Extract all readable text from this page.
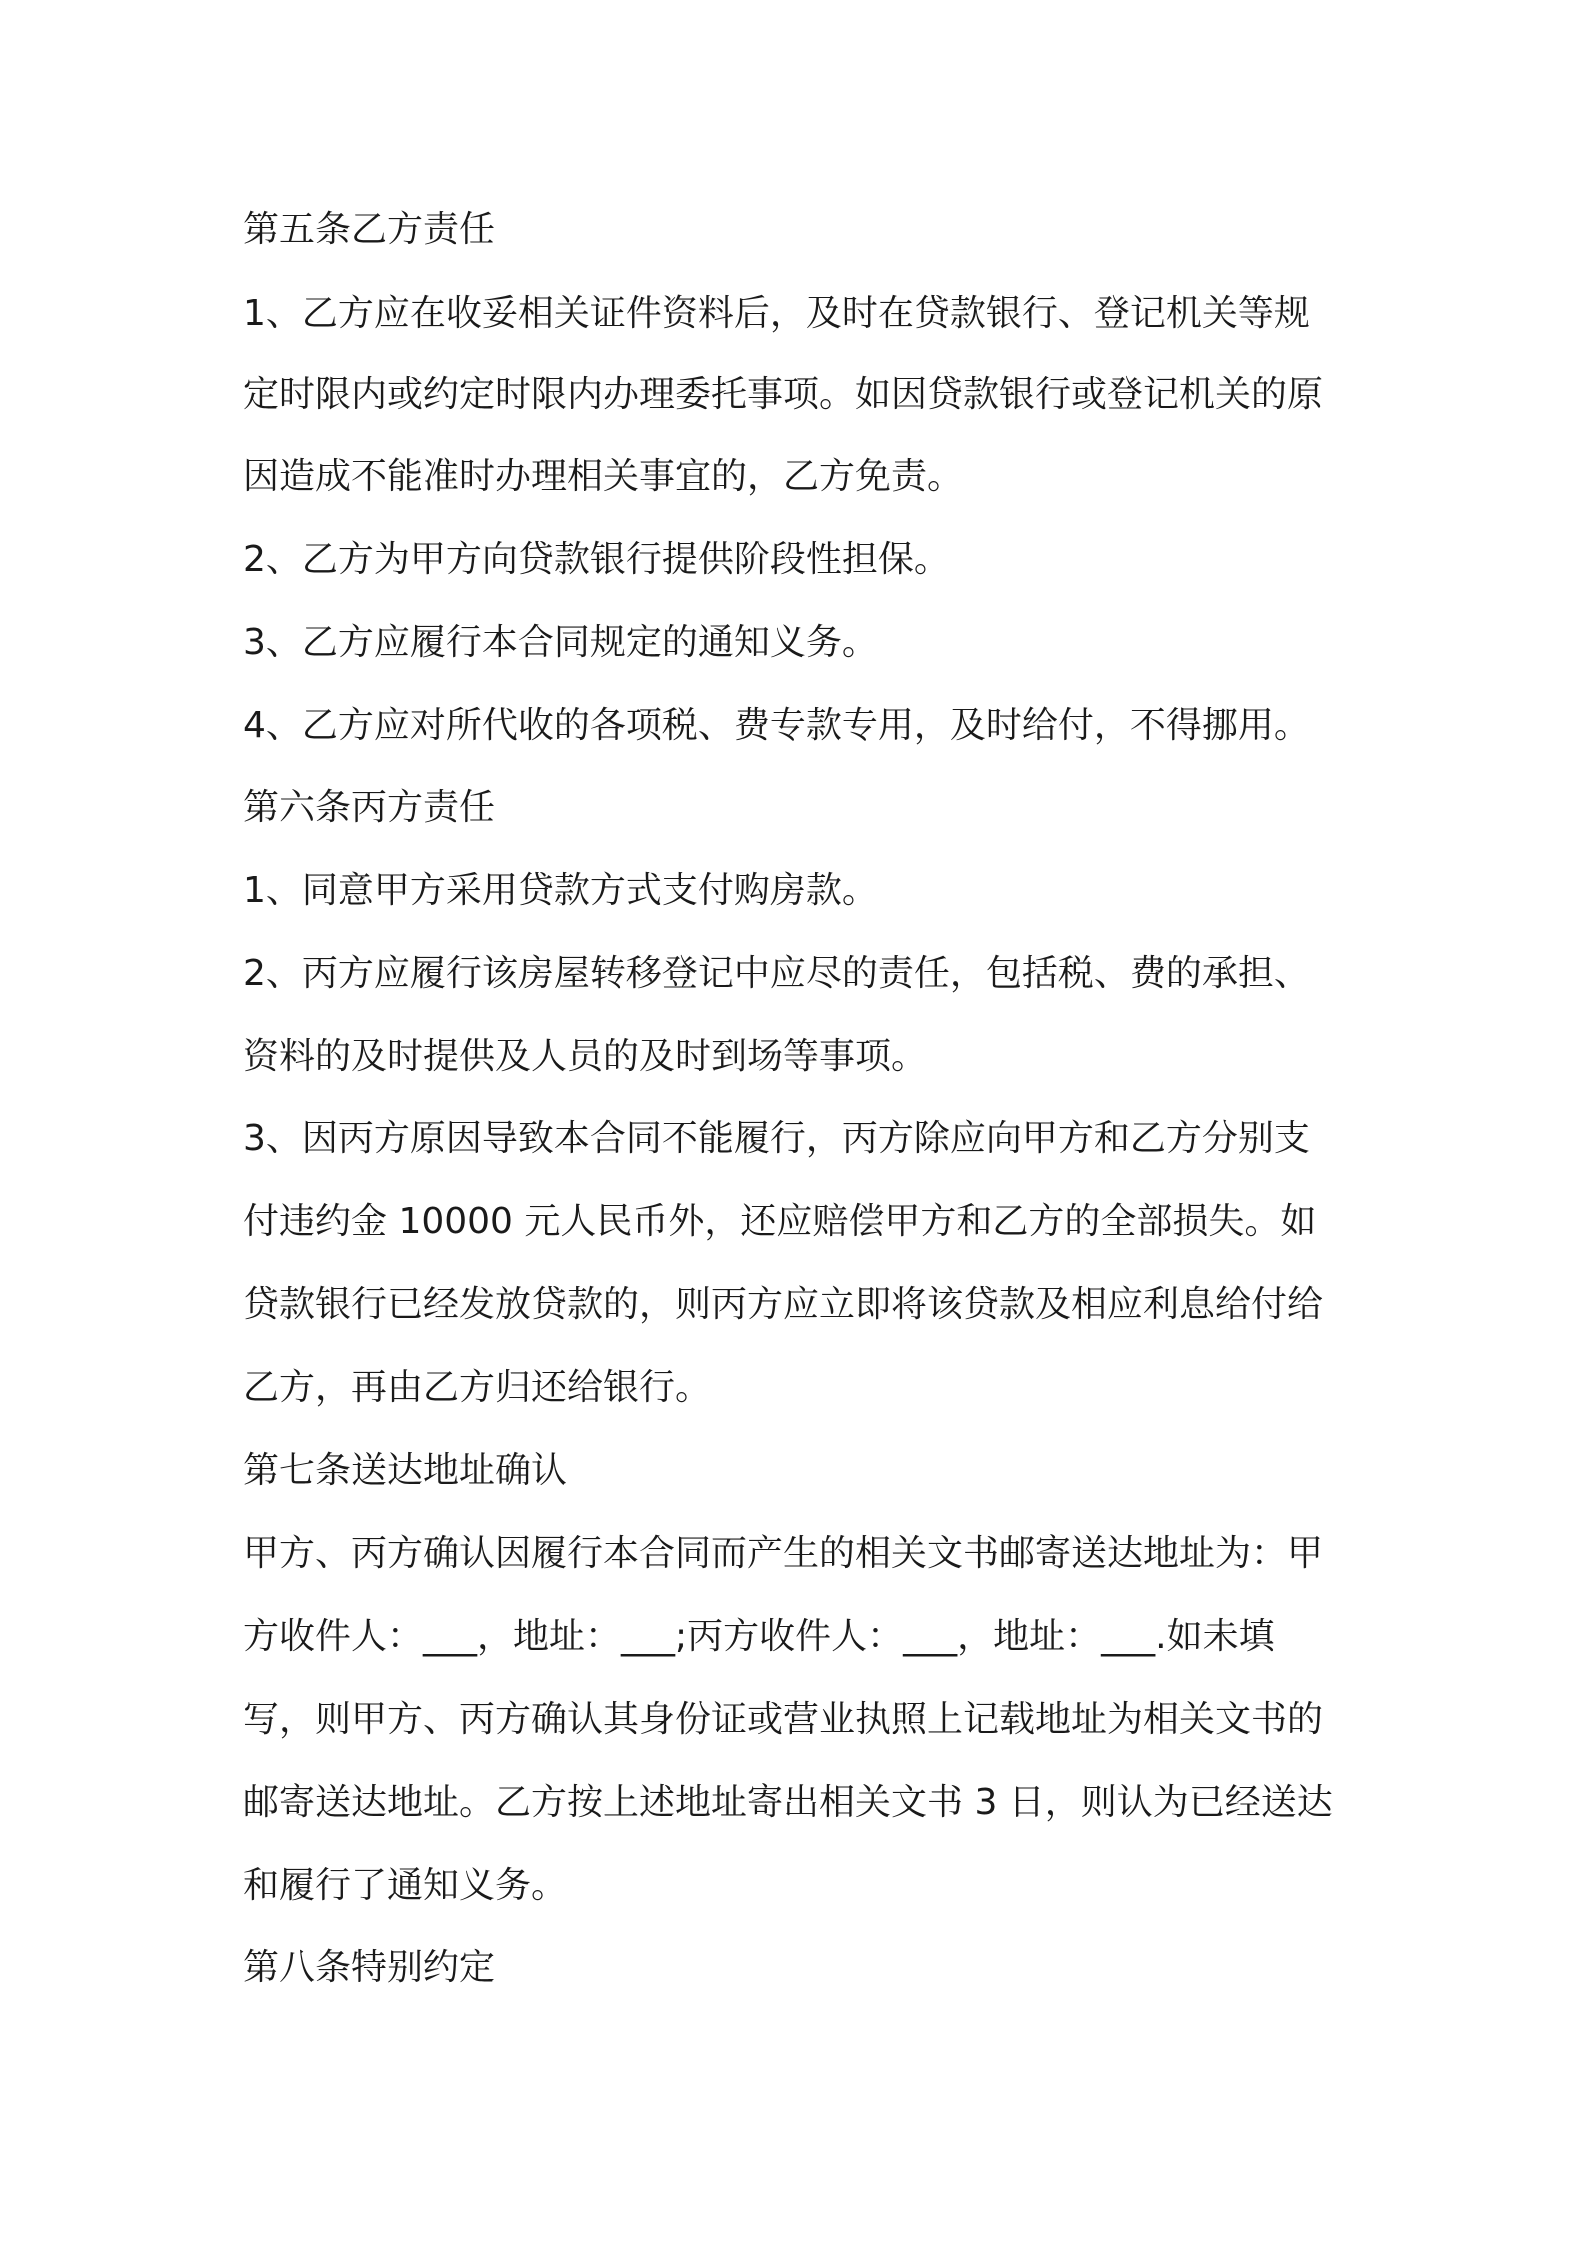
第五条乙方责任

1、乙方应在收妥相关证件资料后，及时在贷款银行、登记机关等规

定时限内或约定时限内办理委托事项。如因贷款银行或登记机关的原

因造成不能准时办理相关事宜的，乙方免责。

2、乙方为甲方向贷款银行提供阶段性担保。

3、乙方应履行本合同规定的通知义务。

4、乙方应对所代收的各项税、费专款专用，及时给付，不得挪用。

第六条丙方责任

1、同意甲方采用贷款方式支付购房款。

2、丙方应履行该房屋转移登记中应尽的责任，包括税、费的承担、

资料的及时提供及人员的及时到场等事项。

3、因丙方原因导致本合同不能履行，丙方除应向甲方和乙方分别支

付违约金 10000 元人民币外，还应赔偿甲方和乙方的全部损失。如

贷款银行已经发放贷款的，则丙方应立即将该贷款及相应利息给付给

乙方，再由乙方归还给银行。

第七条送达地址确认

甲方、丙方确认因履行本合同而产生的相关文书邮寄送达地址为：甲

方收件人：___，地址：___;丙方收件人：___，地址：___.如未填

写，则甲方、丙方确认其身份证或营业执照上记载地址为相关文书的

邮寄送达地址。乙方按上述地址寄出相关文书 3 日，则认为已经送达

和履行了通知义务。

第八条特别约定
